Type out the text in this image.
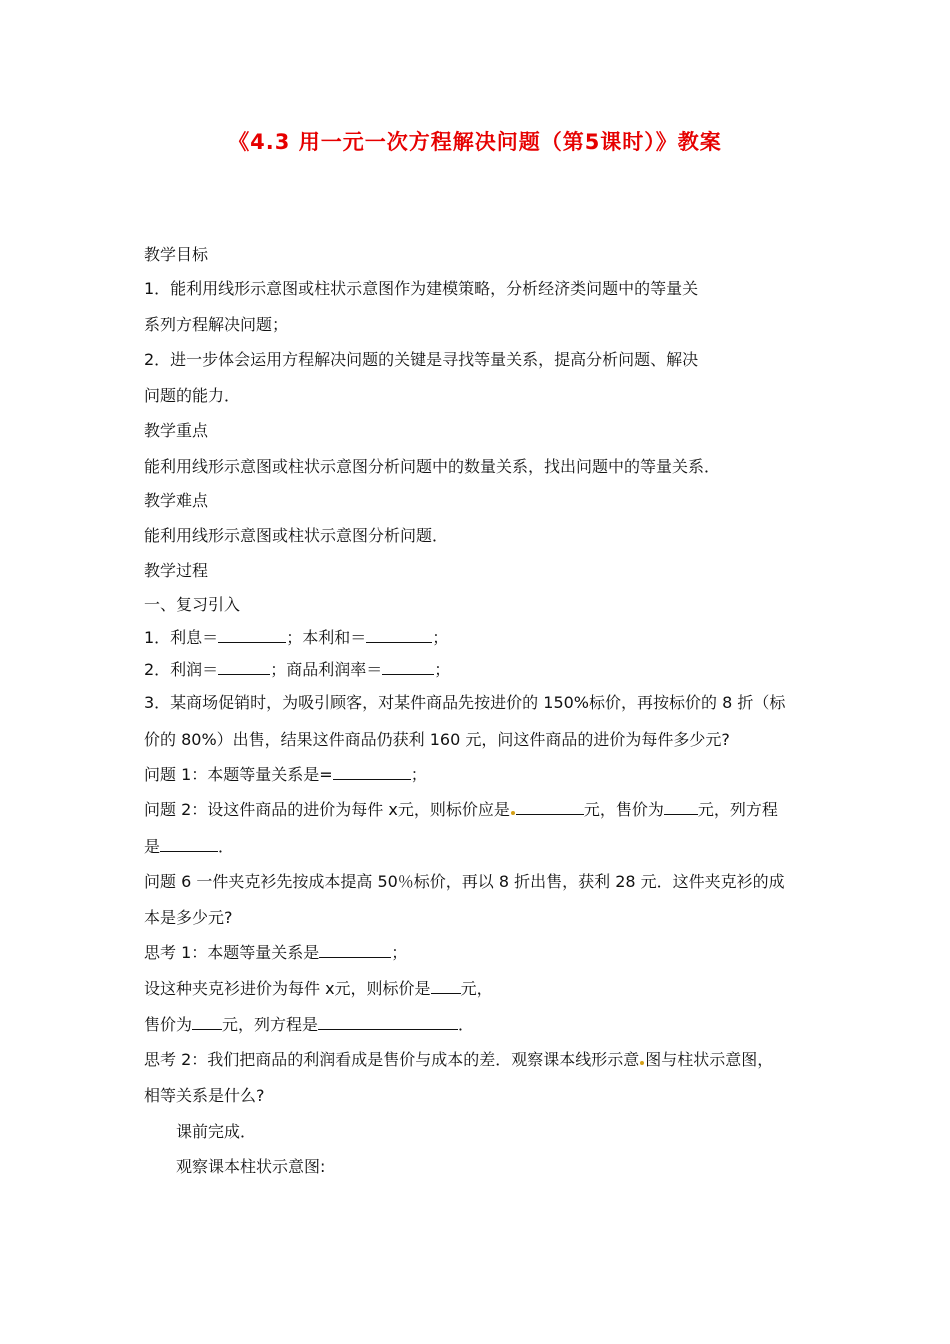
《4.3 用一元一次方程解决问题（第5课时）》教案

教学目标

1．能利用线形示意图或柱状示意图作为建模策略，分析经济类问题中的等量关

系列方程解决问题；

2．进一步体会运用方程解决问题的关键是寻找等量关系，提高分析问题、解决

问题的能力．

教学重点

能利用线形示意图或柱状示意图分析问题中的数量关系，找出问题中的等量关系．

教学难点

能利用线形示意图或柱状示意图分析问题．

教学过程

一、复习引入

1．利息＝	；本利和＝	；

2．利润＝	；商品利润率＝	；

3．某商场促销时，为吸引顾客，对某件商品先按进价的 150%标价，再按标价的 8 折（标

价的 80%）出售，结果这件商品仍获利 160 元，问这件商品的进价为每件多少元?

问题 1：本题等量关系是=	；

问题 2：设这件商品的进价为每件 x元，则标价应是	元，售价为 元，列方程

是	．

问题 6 一件夹克衫先按成本提高 50％标价，再以 8 折出售，获利 28 元．这件夹克衫的成

本是多少元?

思考 1：本题等量关系是	；

设这种夹克衫进价为每件 x元，则标价是 元，

售价为 元，列方程是	．

思考 2：我们把商品的利润看成是售价与成本的差．观察课本线形示意 图与柱状示意图，

相等关系是什么?

课前完成．

观察课本柱状示意图:
